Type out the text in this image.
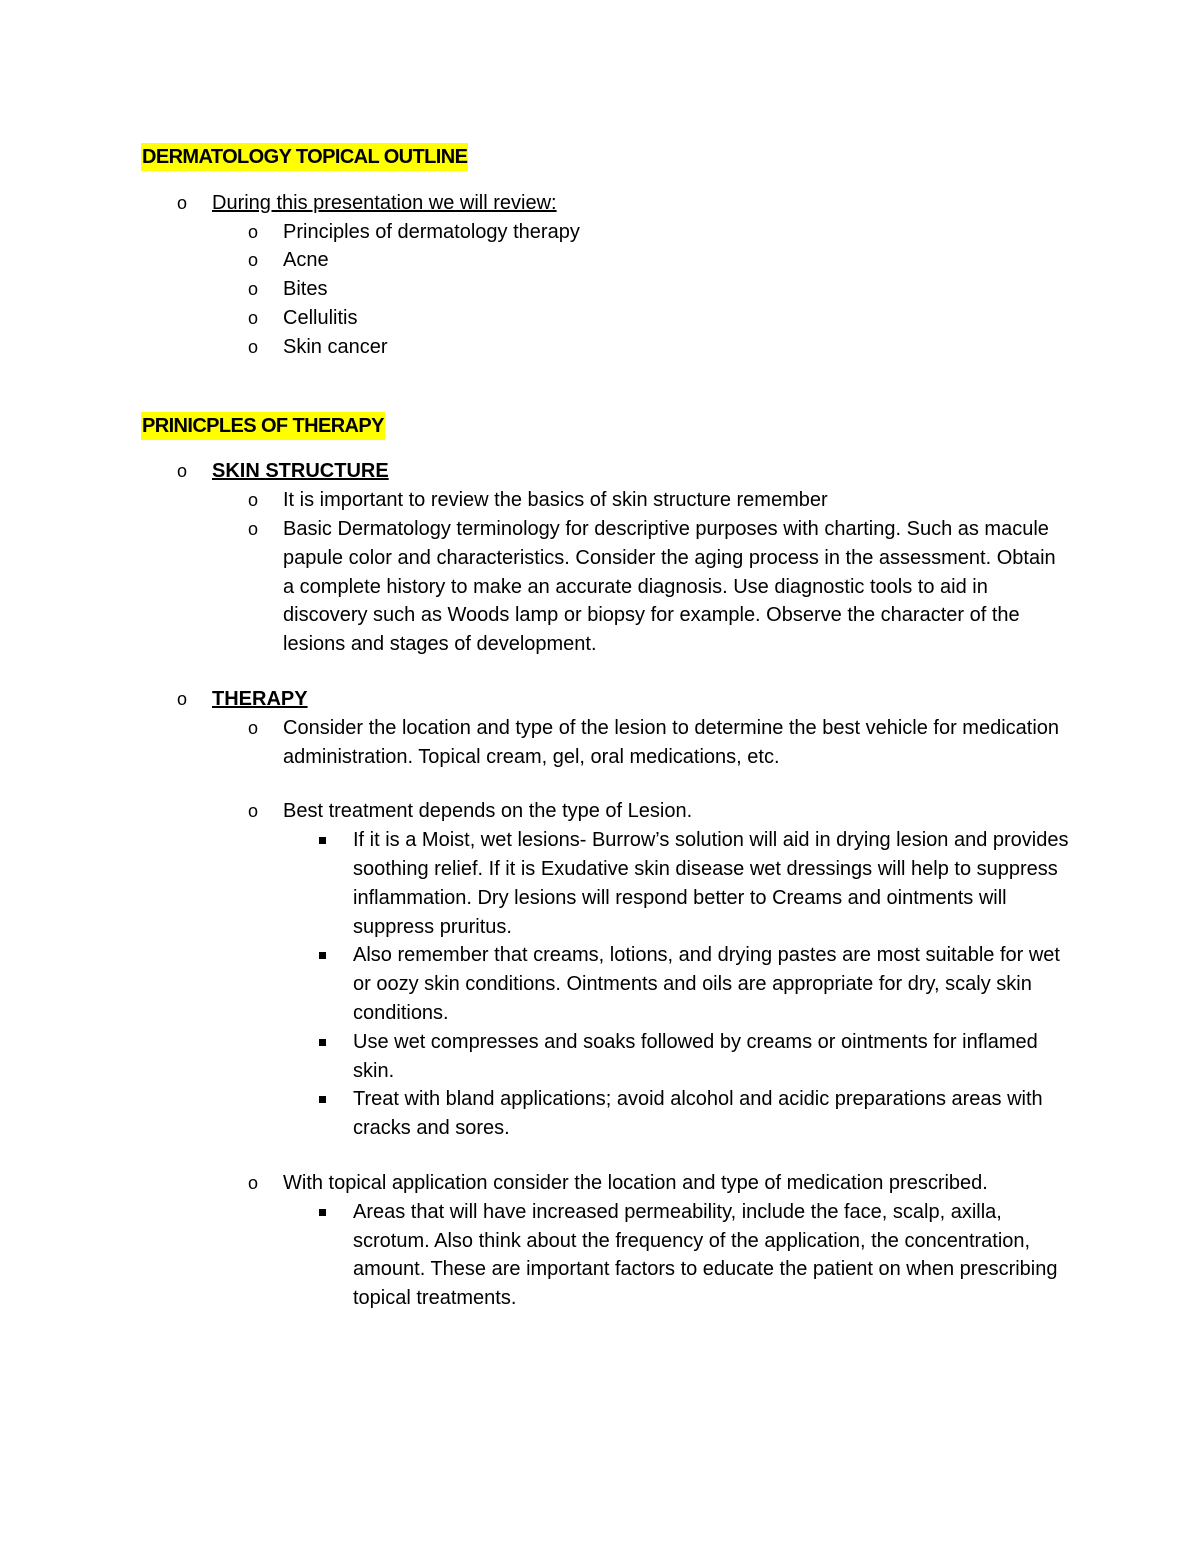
DERMATOLOGY TOPICAL OUTLINE
o During this presentation we will review:
o Principles of dermatology therapy
o Acne
o Bites
o Cellulitis
o Skin cancer
PRINICPLES OF THERAPY
o SKIN STRUCTURE
o It is important to review the basics of skin structure remember
o Basic Dermatology terminology for descriptive purposes with charting. Such as macule papule color and characteristics. Consider the aging process in the assessment. Obtain a complete history to make an accurate diagnosis. Use diagnostic tools to aid in discovery such as Woods lamp or biopsy for example. Observe the character of the lesions and stages of development.
o THERAPY
o Consider the location and type of the lesion to determine the best vehicle for medication administration. Topical cream, gel, oral medications, etc.
o Best treatment depends on the type of Lesion.
If it is a Moist, wet lesions- Burrow’s solution will aid in drying lesion and provides soothing relief. If it is Exudative skin disease wet dressings will help to suppress inflammation. Dry lesions will respond better to Creams and ointments will suppress pruritus.
Also remember that creams, lotions, and drying pastes are most suitable for wet or oozy skin conditions. Ointments and oils are appropriate for dry, scaly skin conditions.
Use wet compresses and soaks followed by creams or ointments for inflamed skin.
Treat with bland applications; avoid alcohol and acidic preparations areas with cracks and sores.
o With topical application consider the location and type of medication prescribed.
Areas that will have increased permeability, include the face, scalp, axilla, scrotum. Also think about the frequency of the application, the concentration, amount. These are important factors to educate the patient on when prescribing topical treatments.
